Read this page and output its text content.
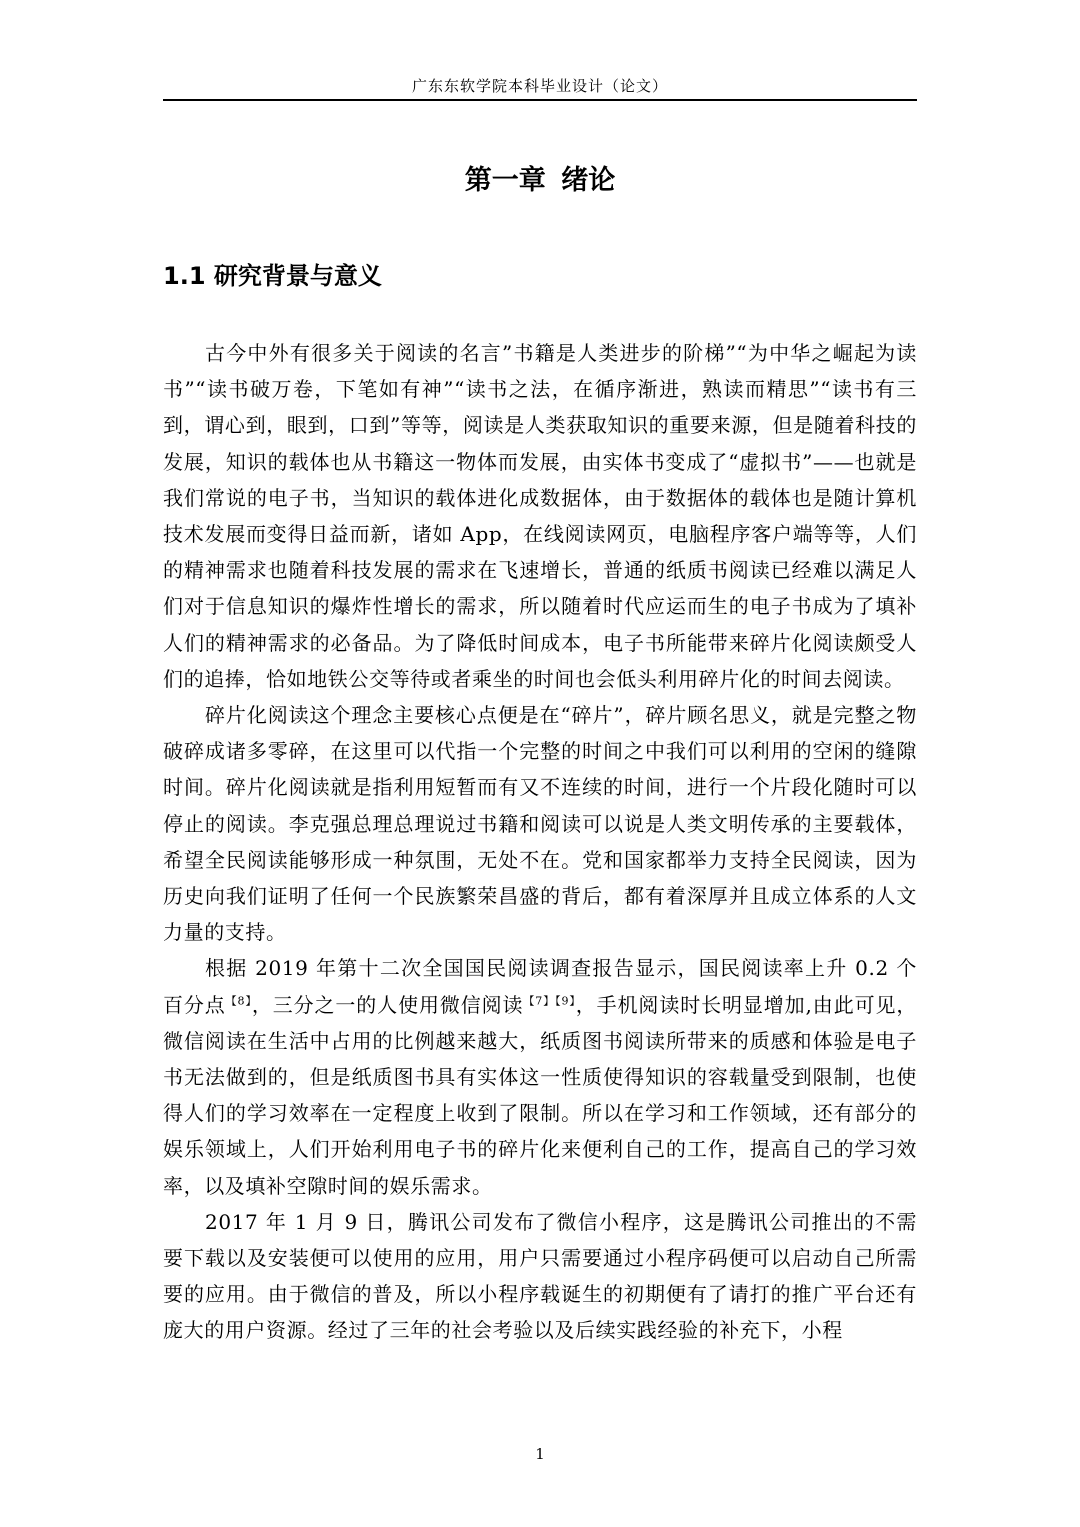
广东东软学院本科毕业设计（论文）
第一章 绪论
1.1 研究背景与意义

古今中外有很多关于阅读的名言”书籍是人类进步的阶梯”“为中华之崛起为读书”“读书破万卷，下笔如有神”“读书之法，在循序渐进，熟读而精思”“读书有三到，谓心到，眼到，口到”等等，阅读是人类获取知识的重要来源，但是随着科技的发展，知识的载体也从书籍这一物体而发展，由实体书变成了“虚拟书”——也就是我们常说的电子书，当知识的载体进化成数据体，由于数据体的载体也是随计算机技术发展而变得日益而新，诸如 App，在线阅读网页，电脑程序客户端等等，人们的精神需求也随着科技发展的需求在飞速增长，普通的纸质书阅读已经难以满足人们对于信息知识的爆炸性增长的需求，所以随着时代应运而生的电子书成为了填补人们的精神需求的必备品。为了降低时间成本，电子书所能带来碎片化阅读颇受人们的追捧，恰如地铁公交等待或者乘坐的时间也会低头利用碎片化的时间去阅读。

碎片化阅读这个理念主要核心点便是在“碎片”，碎片顾名思义，就是完整之物破碎成诸多零碎，在这里可以代指一个完整的时间之中我们可以利用的空闲的缝隙时间。碎片化阅读就是指利用短暂而有又不连续的时间，进行一个片段化随时可以停止的阅读。李克强总理总理说过书籍和阅读可以说是人类文明传承的主要载体，希望全民阅读能够形成一种氛围，无处不在。党和国家都举力支持全民阅读，因为历史向我们证明了任何一个民族繁荣昌盛的背后，都有着深厚并且成立体系的人文力量的支持。

根据 2019 年第十二次全国国民阅读调查报告显示，国民阅读率上升 0.2 个百分点$^{【8】}$，三分之一的人使用微信阅读$^{【7】【9】}$，手机阅读时长明显增加,由此可见，微信阅读在生活中占用的比例越来越大，纸质图书阅读所带来的质感和体验是电子书无法做到的，但是纸质图书具有实体这一性质使得知识的容载量受到限制，也使得人们的学习效率在一定程度上收到了限制。所以在学习和工作领域，还有部分的娱乐领域上，人们开始利用电子书的碎片化来便利自己的工作，提高自己的学习效率，以及填补空隙时间的娱乐需求。

2017 年 1 月 9 日，腾讯公司发布了微信小程序，这是腾讯公司推出的不需要下载以及安装便可以使用的应用，用户只需要通过小程序码便可以启动自己所需要的应用。由于微信的普及，所以小程序载诞生的初期便有了请打的推广平台还有庞大的用户资源。经过了三年的社会考验以及后续实践经验的补充下，小程

1
